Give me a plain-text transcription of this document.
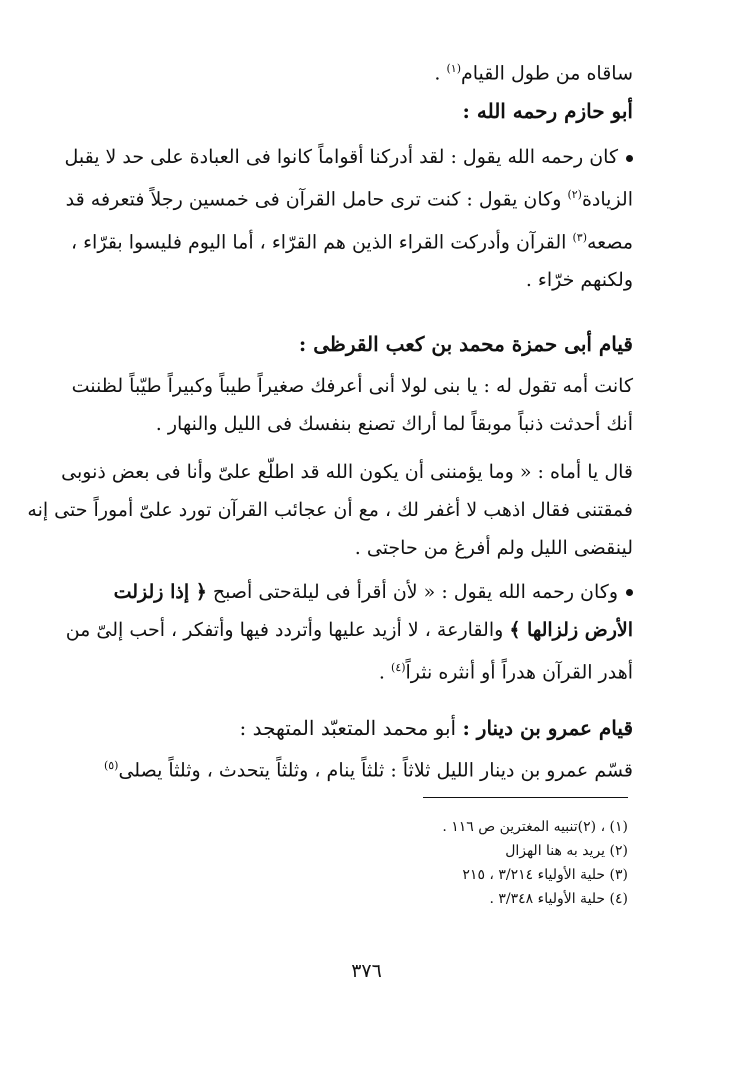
ساقاه من طول القيام$^{(١)}$ .
أبو حازم رحمه الله :
كان رحمه الله يقول : لقد أدركنا أقواماً كانوا فى العبادة على حد لا يقبل
الزيادة$^{(٢)}$ وكان يقول : كنت ترى حامل القرآن فى خمسين رجلاً فتعرفه قد
مصعه$^{(٣)}$ القرآن وأدركت القراء الذين هم القرّاء ، أما اليوم فليسوا بقرّاء ،
ولكنهم خرّاء .
قيام أبى حمزة محمد بن كعب القرظى :
كانت أمه تقول له : يا بنى لولا أنى أعرفك صغيراً طيباً وكبيراً طيّباً لظننت
أنك أحدثت ذنباً موبقاً لما أراك تصنع بنفسك فى الليل والنهار .
قال يا أماه : « وما يؤمننى أن يكون الله قد اطلّع علىّ وأنا فى بعض ذنوبى
فمقتنى فقال اذهب لا أغفر لك ، مع أن عجائب القرآن تورد علىّ أموراً حتى إنه
لينقضى الليل ولم أفرغ من حاجتى .
وكان رحمه الله يقول : « لأن أقرأ فى ليلةحتى أصبح ﴿ إذا زلزلت
الأرض زلزالها ﴾ والقارعة ، لا أزيد عليها وأتردد فيها وأتفكر ، أحب إلىّ من
أهدر القرآن هدراً أو أنثره نثراً$^{(٤)}$ .
قيام عمرو بن دينار : أبو محمد المتعبّد المتهجد :
قسّم عمرو بن دينار الليل ثلاثاً : ثلثاً ينام ، وثلثاً يتحدث ، وثلثاً يصلى$^{(٥)}$
(١) ، (٢)تنبيه المغترين ص ١١٦ .
(٢) يريد به هنا الهزال
(٣) حلية الأولياء ٣/٢١٤ ، ٢١٥
(٤) حلية الأولياء ٣/٣٤٨ .
٣٧٦
